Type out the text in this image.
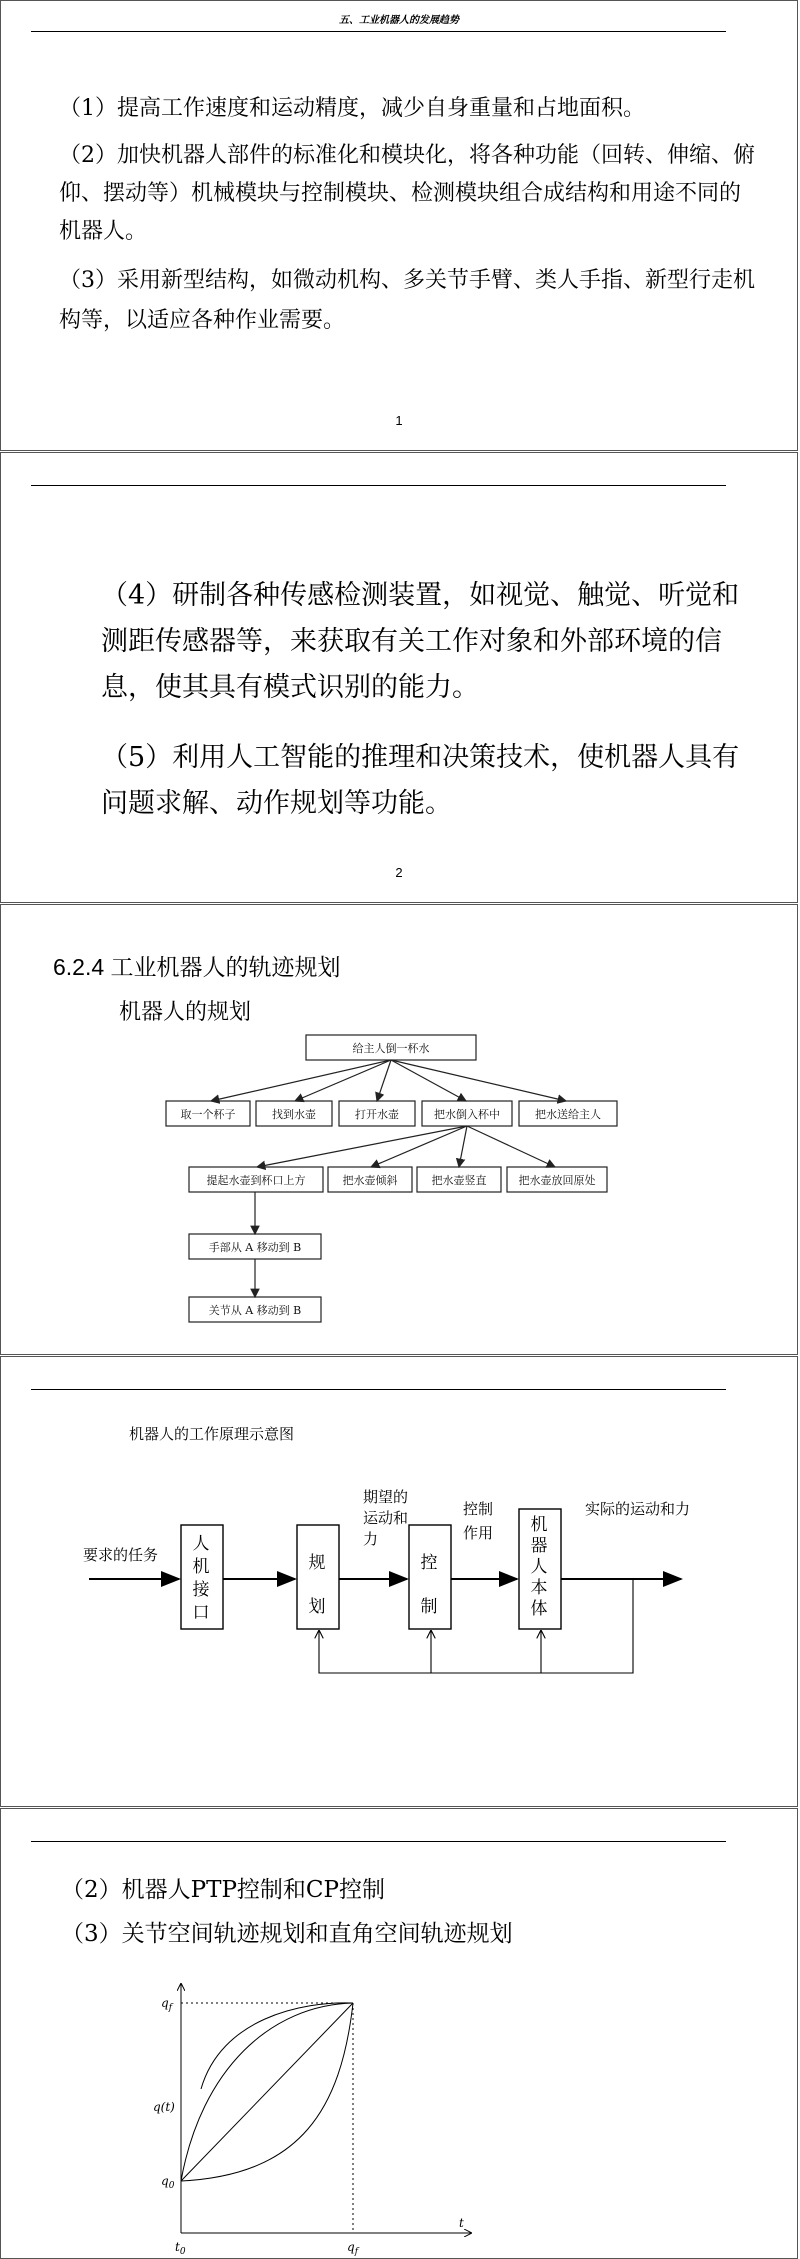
五、工业机器人的发展趋势

（1）提高工作速度和运动精度，减少自身重量和占地面积。

（2）加快机器人部件的标准化和模块化，将各种功能（回转、伸缩、俯仰、摆动等）机械模块与控制模块、检测模块组合成结构和用途不同的机器人。

（3）采用新型结构，如微动机构、多关节手臂、类人手指、新型行走机构等，以适应各种作业需要。

1

（4）研制各种传感检测装置，如视觉、触觉、听觉和测距传感器等，来获取有关工作对象和外部环境的信息，使其具有模式识别的能力。

（5）利用人工智能的推理和决策技术，使机器人具有问题求解、动作规划等功能。

2
6.2.4 工业机器人的轨迹规划
机器人的规划
给主人倒一杯水
取一个杯子	找到水壶	打开水壶	把水倒入杯中	把水送给主人
提起水壶到杯口上方	把水壶倾斜	把水壶竖直	把水壶放回原处
手部从 A 移动到 B
关节从 A 移动到 B
机器人的工作原理示意图
要求的任务
人机接口
规划
控制
机器人本体
期望的运动和力
控制作用
实际的运动和力
（2）机器人PTP控制和CP控制
（3）关节空间轨迹规划和直角空间轨迹规划
$q_f$
q(t)
$q_0$
$t_0$	$q_f$
t
